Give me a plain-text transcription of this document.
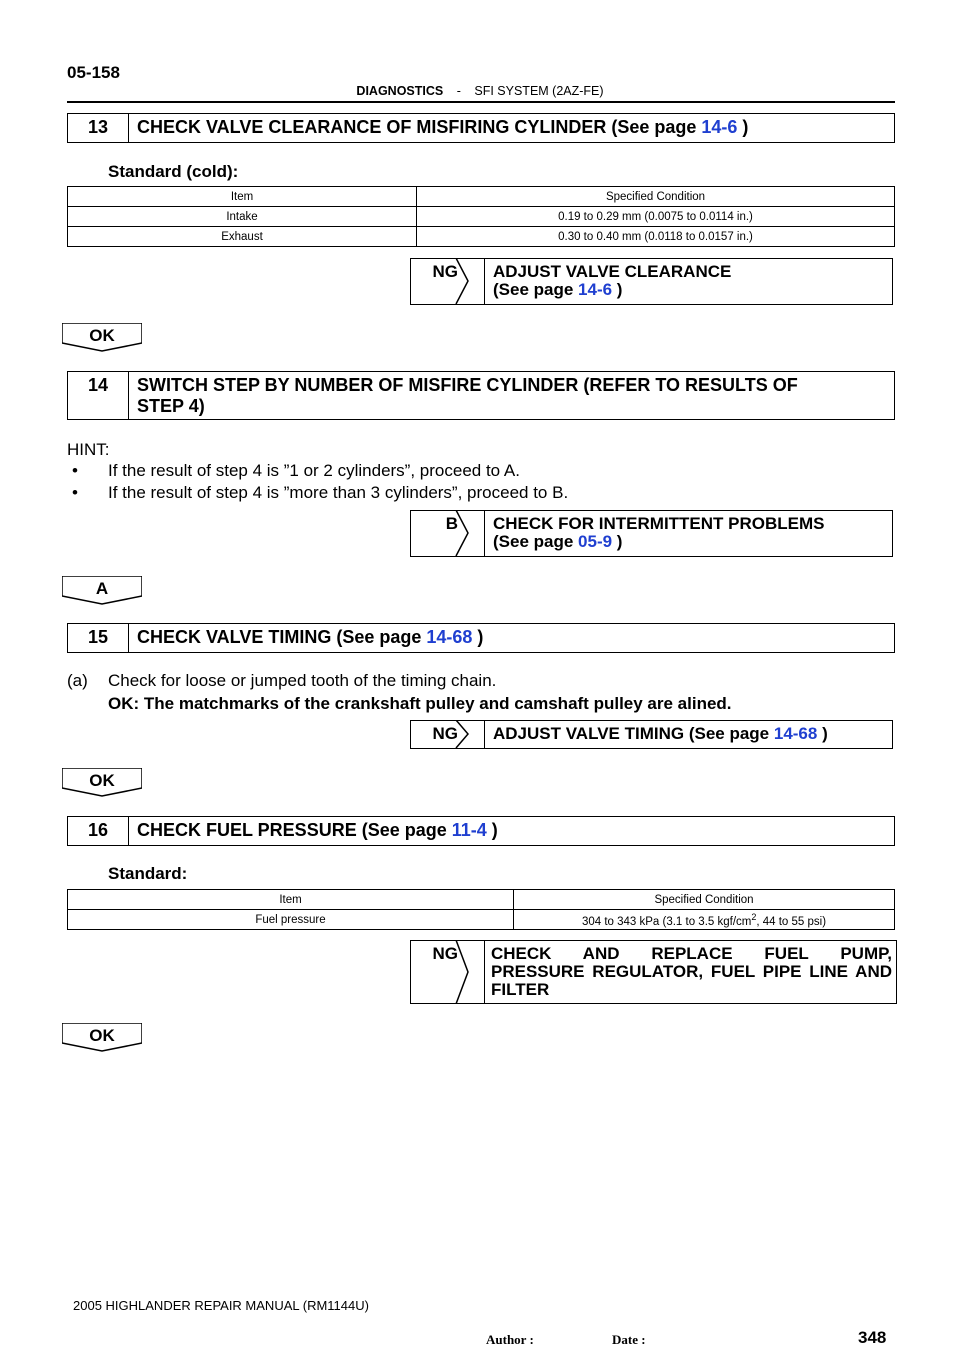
05-158
DIAGNOSTICS - SFI SYSTEM (2AZ-FE)
13	CHECK VALVE CLEARANCE OF MISFIRING CYLINDER (See page 14-6 )
Standard (cold):
Item	Specified Condition
Intake	0.19 to 0.29 mm (0.0075 to 0.0114 in.)
Exhaust	0.30 to 0.40 mm (0.0118 to 0.0157 in.)
NG ADJUST VALVE CLEARANCE
(See page 14-6 )
OK
14	SWITCH STEP BY NUMBER OF MISFIRE CYLINDER (REFER TO RESULTS OF
STEP 4)
HINT:
• If the result of step 4 is ”1 or 2 cylinders”, proceed to A.
• If the result of step 4 is ”more than 3 cylinders”, proceed to B.
B CHECK FOR INTERMITTENT PROBLEMS
(See page 05-9 )
A
15	CHECK VALVE TIMING (See page 14-68 )
(a) Check for loose or jumped tooth of the timing chain.
OK: The matchmarks of the crankshaft pulley and camshaft pulley are alined.
NG	ADJUST VALVE TIMING (See page 14-68 )
OK
16	CHECK FUEL PRESSURE (See page 11-4 )
Standard:
Item	Specified Condition
Fuel pressure	304 to 343 kPa (3.1 to 3.5 kgf/$cm^2$, 44 to 55 psi)
NG CHECK AND REPLACE FUEL PUMP,
PRESSURE REGULATOR, FUEL PIPE LINE AND
FILTER
OK
2005 HIGHLANDER REPAIR MANUAL (RM1144U)
Author :	Date :	348
